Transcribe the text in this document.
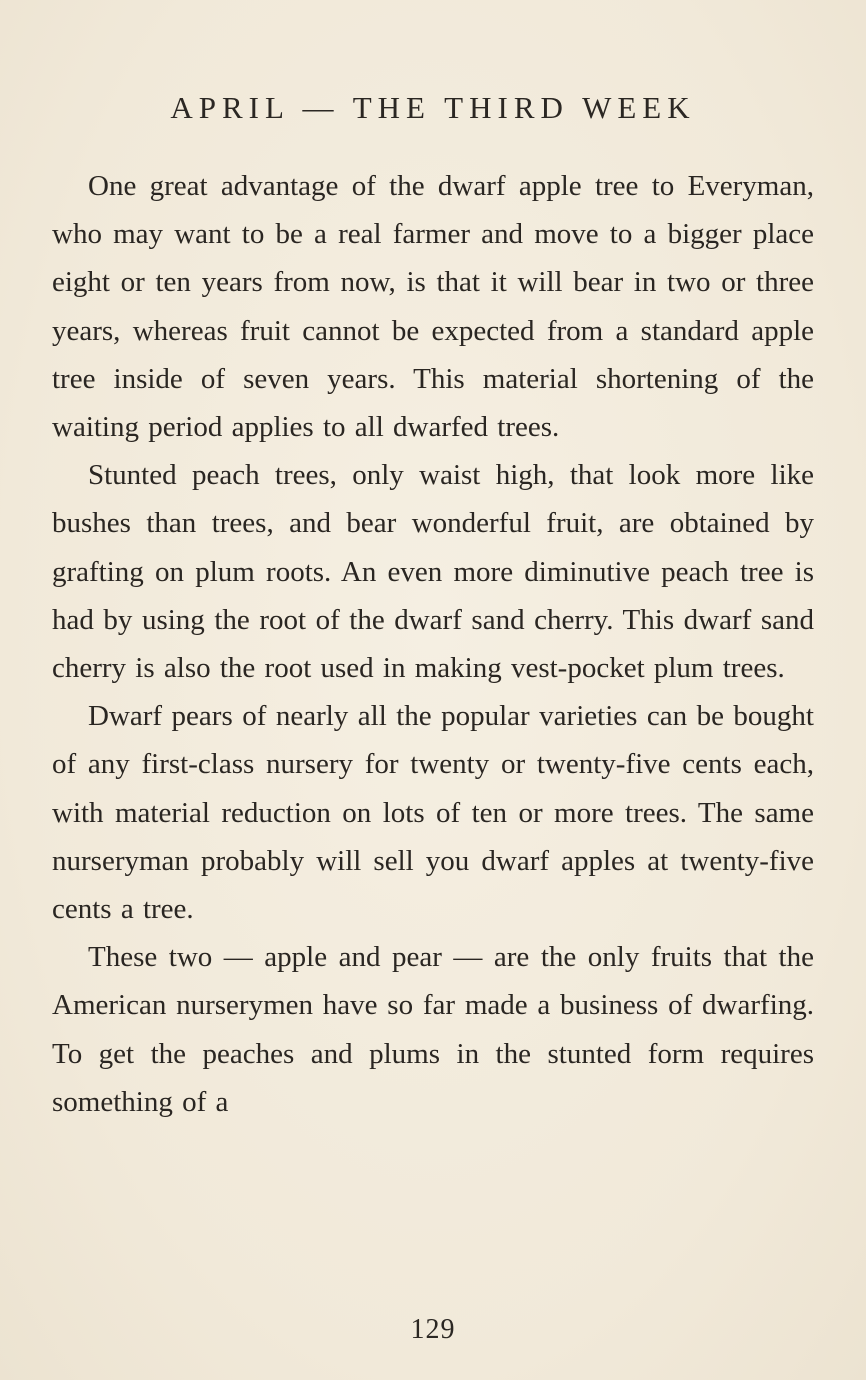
APRIL — THE THIRD WEEK

One great advantage of the dwarf apple tree to Everyman, who may want to be a real farmer and move to a bigger place eight or ten years from now, is that it will bear in two or three years, whereas fruit cannot be expected from a standard apple tree inside of seven years. This material shortening of the waiting period applies to all dwarfed trees.

Stunted peach trees, only waist high, that look more like bushes than trees, and bear wonderful fruit, are obtained by grafting on plum roots. An even more diminutive peach tree is had by using the root of the dwarf sand cherry. This dwarf sand cherry is also the root used in making vest-pocket plum trees.

Dwarf pears of nearly all the popular varieties can be bought of any first-class nursery for twenty or twenty-five cents each, with material reduction on lots of ten or more trees. The same nurseryman probably will sell you dwarf apples at twenty-five cents a tree.

These two — apple and pear — are the only fruits that the American nurserymen have so far made a business of dwarfing. To get the peaches and plums in the stunted form requires something of a

129
